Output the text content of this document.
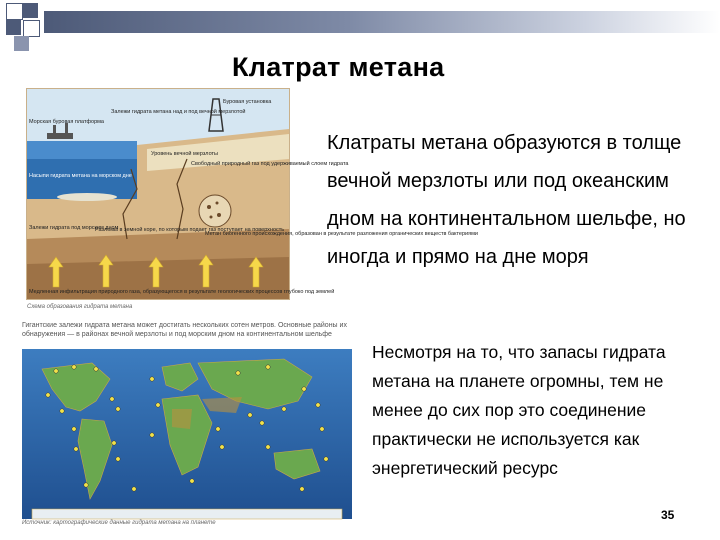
Клатрат метана
Буровая установка
Залежи гидрата метана над и под вечной мерзлотой
Морская буровая платформа
Уровень вечной мерзлоты
Свободный природный газ под удерживаемый слоем гидрата
Насыпи гидрата метана на морском дне
Залежи гидрата под морским дном
Разломы в земной коре, по которым подает газ поступает на поверхность
Метан биогенного происхождения, образован в результате разложения органических веществ бактериями
Медленная инфильтрация природного газа, образующегося в результате геологических процессов глубоко под землей
Схема образования гидрата метана
Клатраты метана образуются в толще вечной мерзлоты или под океанским дном на континентальном шельфе, но иногда и прямо на дне моря
Гигантские залежи гидрата метана может достигать нескольких сотен метров. Основные районы их обнаружения — в районах вечной мерзлоты и под морским дном на континентальном шельфе
Источник: картографические данные гидрата метана на планете
Несмотря на то, что запасы гидрата метана на планете огромны, тем не менее до сих пор это соединение практически не используется как энергетический ресурс
35
